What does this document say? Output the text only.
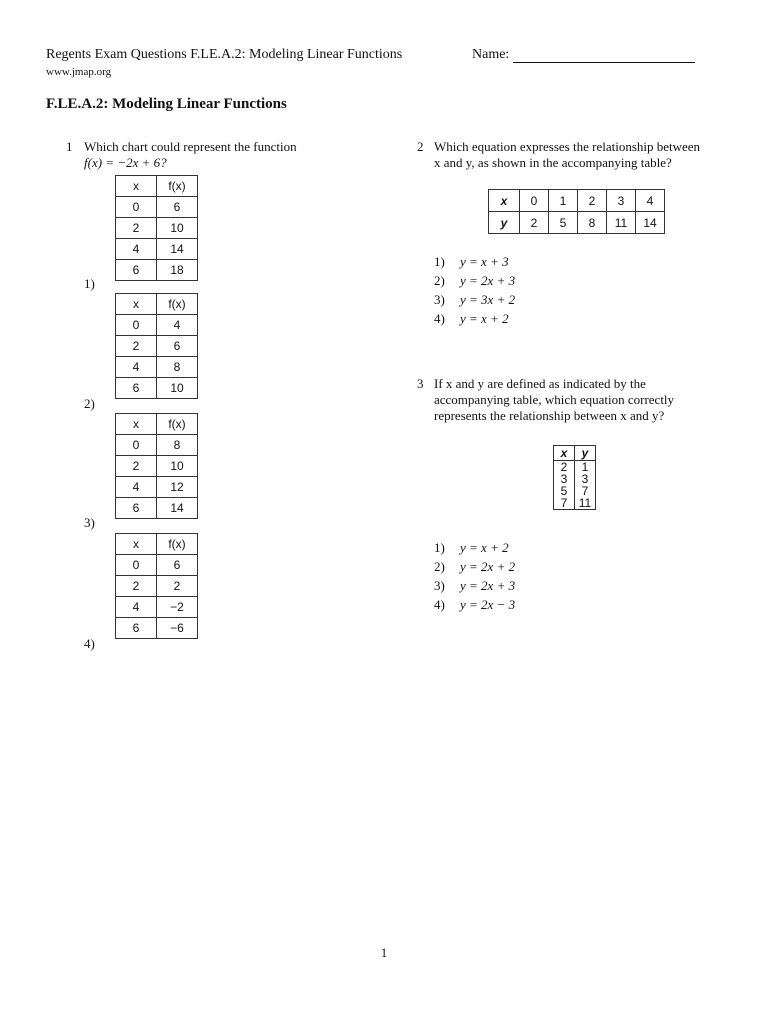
Regents Exam Questions F.LE.A.2: Modeling Linear Functions	Name:
www.jmap.org
F.LE.A.2: Modeling Linear Functions
1 Which chart could represent the function
f(x) = −2x + 6?
x	f(x)
0	6
2	10
4	14
6	18
1)
x	f(x)
0	4
2	6
4	8
6	10
2)
x	f(x)
0	8
2	10
4	12
6	14
3)
x	f(x)
0	6
2	2
4	−2
6	−6
4)
2 Which equation expresses the relationship between
x and y, as shown in the accompanying table?
x	0	1	2	3	4
y	2	5	8	11	14
1)	y = x + 3
2)	y = 2x + 3
3)	y = 3x + 2
4)	y = x + 2
3 If x and y are defined as indicated by the
accompanying table, which equation correctly
represents the relationship between x and y?
x	y
2	1
3	3
5	7
7	11
1)	y = x + 2
2)	y = 2x + 2
3)	y = 2x + 3
4)	y = 2x − 3
1
